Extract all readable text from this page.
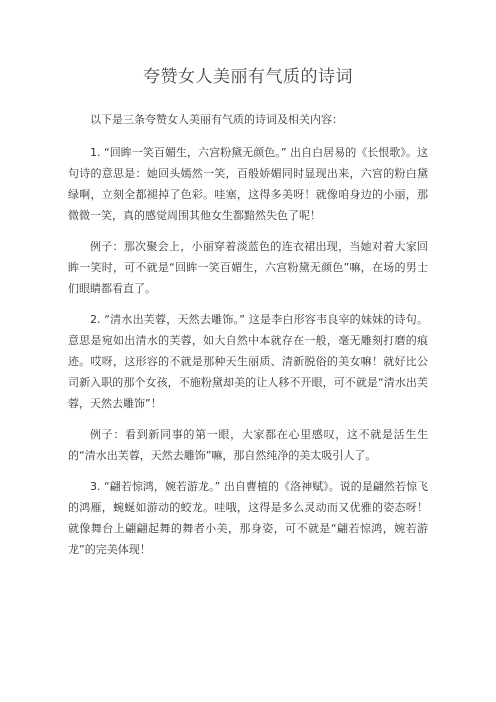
夸赞女人美丽有气质的诗词

以下是三条夸赞女人美丽有气质的诗词及相关内容：

1. “回眸一笑百媚生，六宫粉黛无颜色。” 出自白居易的《长恨歌》。这句诗的意思是：她回头嫣然一笑，百般娇媚同时显现出来，六宫的粉白黛绿啊，立刻全都褪掉了色彩。哇塞，这得多美呀！就像咱身边的小丽，那微微一笑，真的感觉周围其他女生都黯然失色了呢！

例子：那次聚会上，小丽穿着淡蓝色的连衣裙出现，当她对着大家回眸一笑时，可不就是“回眸一笑百媚生，六宫粉黛无颜色”嘛，在场的男士们眼睛都看直了。

2. “清水出芙蓉，天然去雕饰。” 这是李白形容韦良宰的妹妹的诗句。意思是宛如出清水的芙蓉，如大自然中本就存在一般，毫无雕刻打磨的痕迹。哎呀，这形容的不就是那种天生丽质、清新脱俗的美女嘛！就好比公司新入职的那个女孩，不施粉黛却美的让人移不开眼，可不就是“清水出芙蓉，天然去雕饰”！

例子：看到新同事的第一眼，大家都在心里感叹，这不就是活生生的“清水出芙蓉，天然去雕饰”嘛，那自然纯净的美太吸引人了。

3. “翩若惊鸿，婉若游龙。” 出自曹植的《洛神赋》。说的是翩然若惊飞的鸿雁，蜿蜒如游动的蛟龙。哇哦，这得是多么灵动而又优雅的姿态呀！就像舞台上翩翩起舞的舞者小美，那身姿，可不就是“翩若惊鸿，婉若游龙”的完美体现！
